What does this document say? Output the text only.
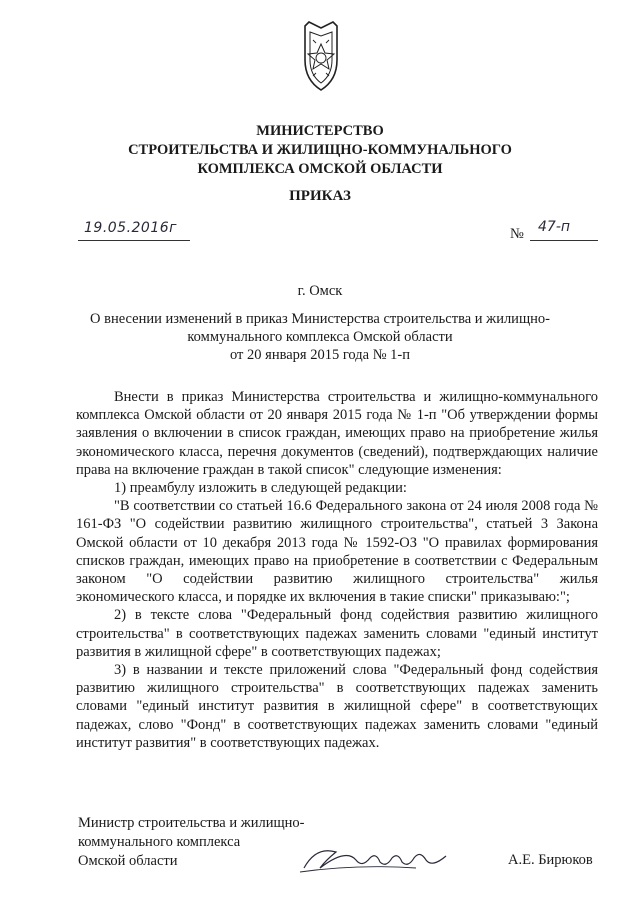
МИНИСТЕРСТВО
СТРОИТЕЛЬСТВА И ЖИЛИЩНО-КОММУНАЛЬНОГО
КОМПЛЕКСА ОМСКОЙ ОБЛАСТИ
ПРИКАЗ
19.05.2016г	№ 47-п
г. Омск
О внесении изменений в приказ Министерства строительства и жилищно-
коммунального комплекса Омской области
от 20 января 2015 года № 1-п

Внести в приказ Министерства строительства и жилищно-коммунального комплекса Омской области от 20 января 2015 года № 1-п "Об утверждении формы заявления о включении в список граждан, имеющих право на приобретение жилья экономического класса, перечня документов (сведений), подтверждающих наличие права на включение граждан в такой список" следующие изменения:

1) преамбулу изложить в следующей редакции:

"В соответствии со статьей 16.6 Федерального закона от 24 июля 2008 года № 161-ФЗ "О содействии развитию жилищного строительства", статьей 3 Закона Омской области от 10 декабря 2013 года № 1592-ОЗ "О правилах формирования списков граждан, имеющих право на приобретение в соответствии с Федеральным законом "О содействии развитию жилищного строительства" жилья экономического класса, и порядке их включения в такие списки" приказываю:";

2) в тексте слова "Федеральный фонд содействия развитию жилищного строительства" в соответствующих падежах заменить словами "единый институт развития в жилищной сфере" в соответствующих падежах;

3) в названии и тексте приложений слова "Федеральный фонд содействия развитию жилищного строительства" в соответствующих падежах заменить словами "единый институт развития в жилищной сфере" в соответствующих падежах, слово "Фонд" в соответствующих падежах заменить словами "единый институт развития" в соответствующих падежах.

Министр строительства и жилищно-
коммунального комплекса
Омской области	А.Е. Бирюков
